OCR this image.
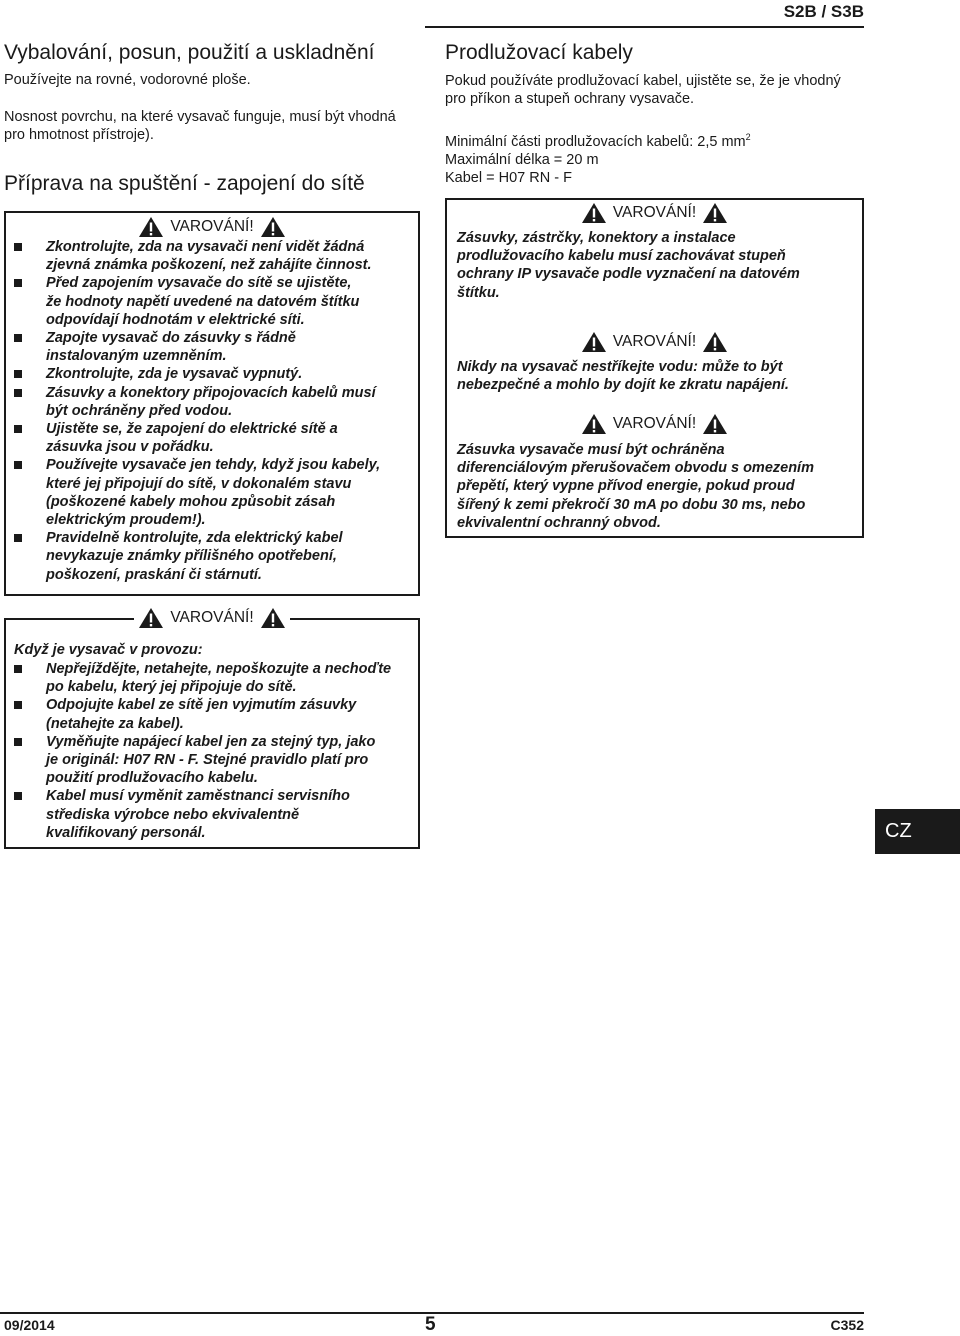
S2B / S3B
Vybalování, posun, použití a uskladnění

Používejte na rovné, vodorovné ploše.

Nosnost povrchu, na které vysavač funguje, musí být vhodná
pro hmotnost přístroje).
Příprava na spuštění - zapojení do sítě
VAROVÁNÍ!
Zkontrolujte, zda na vysavači není vidět žádná
zjevná známka poškození, než zahájíte činnost.
Před zapojením vysavače do sítě se ujistěte,
že hodnoty napětí uvedené na datovém štítku
odpovídají hodnotám v elektrické síti.
Zapojte vysavač do zásuvky s řádně
instalovaným uzemněním.
Zkontrolujte, zda je vysavač vypnutý.
Zásuvky a konektory připojovacích kabelů musí
být ochráněny před vodou.
Ujistěte se, že zapojení do elektrické sítě a
zásuvka jsou v pořádku.
Používejte vysavače jen tehdy, když jsou kabely,
které jej připojují do sítě, v dokonalém stavu
(poškozené kabely mohou způsobit zásah
elektrickým proudem!).
Pravidelně kontrolujte, zda elektrický kabel
nevykazuje známky přílišného opotřebení,
poškození, praskání či stárnutí.
Prodlužovací kabely
Pokud používáte prodlužovací kabel, ujistěte se, že je vhodný
pro příkon a stupeň ochrany vysavače.
Minimální části prodlužovacích kabelů: 2,5 $mm^2$
Maximální délka = 20 m
Kabel = H07 RN - F
VAROVÁNÍ!
Zásuvky, zástrčky, konektory a instalace
prodlužovacího kabelu musí zachovávat stupeň
ochrany IP vysavače podle vyznačení na datovém
štítku.
VAROVÁNÍ!
Nikdy na vysavač nestříkejte vodu: může to být
nebezpečné a mohlo by dojít ke zkratu napájení.
VAROVÁNÍ!
Zásuvka vysavače musí být ochráněna
diferenciálovým přerušovačem obvodu s omezením
přepětí, který vypne přívod energie, pokud proud
šířený k zemi překročí 30 mA po dobu 30 ms, nebo
ekvivalentní ochranný obvod.
VAROVÁNÍ!
Když je vysavač v provozu:
Nepřejíždějte, netahejte, nepoškozujte a nechoďte
po kabelu, který jej připojuje do sítě.
Odpojujte kabel ze sítě jen vyjmutím zásuvky
(netahejte za kabel).
Vyměňujte napájecí kabel jen za stejný typ, jako
je originál: H07 RN - F. Stejné pravidlo platí pro
použití prodlužovacího kabelu.
Kabel musí vyměnit zaměstnanci servisního
střediska výrobce nebo ekvivalentně
kvalifikovaný personál.	CZ
09/2014	5	C352
